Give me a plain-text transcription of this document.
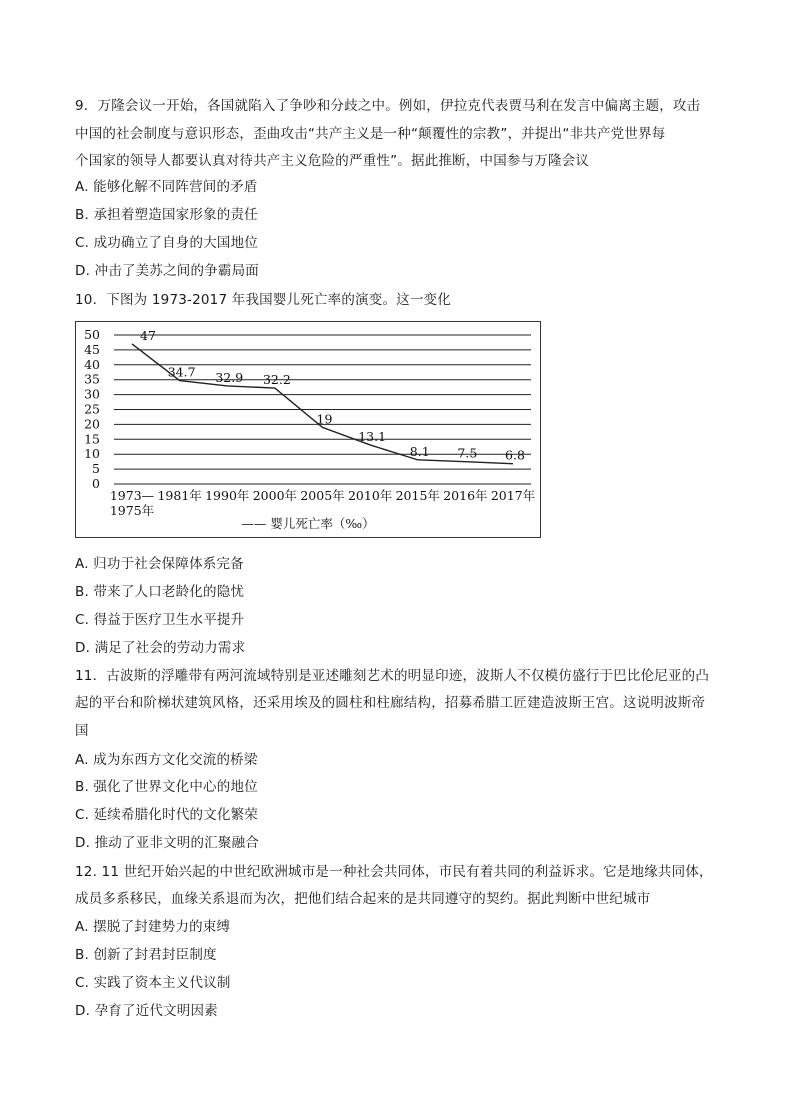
9．万隆会议一开始，各国就陷入了争吵和分歧之中。例如，伊拉克代表贾马利在发言中偏离主题，攻击
中国的社会制度与意识形态，歪曲攻击“共产主义是一种“颠覆性的宗教”，并提出“非共产党世界每
个国家的领导人都要认真对待共产主义危险的严重性”。据此推断，中国参与万隆会议
A. 能够化解不同阵营间的矛盾
B. 承担着塑造国家形象的责任
C. 成功确立了自身的大国地位
D. 冲击了美苏之间的争霸局面
10．下图为 1973-2017 年我国婴儿死亡率的演变。这一变化
0
5
10
15
20
25
30
35
40
45
50
1973—
1975年
1981年 1990年 2000年 2005年 2010年 2015年 2016年 2017年
47
34.7 32.9 32.2
19
13.1
8.1 7.5 6.8
—— 婴儿死亡率（‰）
A. 归功于社会保障体系完备
B. 带来了人口老龄化的隐忧
C. 得益于医疗卫生水平提升
D. 满足了社会的劳动力需求
11．古波斯的浮雕带有两河流域特别是亚述雕刻艺术的明显印迹，波斯人不仅模仿盛行于巴比伦尼亚的凸
起的平台和阶梯状建筑风格，还采用埃及的圆柱和柱廊结构，招募希腊工匠建造波斯王宫。这说明波斯帝
国
A. 成为东西方文化交流的桥梁
B. 强化了世界文化中心的地位
C. 延续希腊化时代的文化繁荣
D. 推动了亚非文明的汇聚融合
12. 11 世纪开始兴起的中世纪欧洲城市是一种社会共同体，市民有着共同的利益诉求。它是地缘共同体，
成员多系移民，血缘关系退而为次，把他们结合起来的是共同遵守的契约。据此判断中世纪城市
A. 摆脱了封建势力的束缚
B. 创新了封君封臣制度
C. 实践了资本主义代议制
D. 孕育了近代文明因素
